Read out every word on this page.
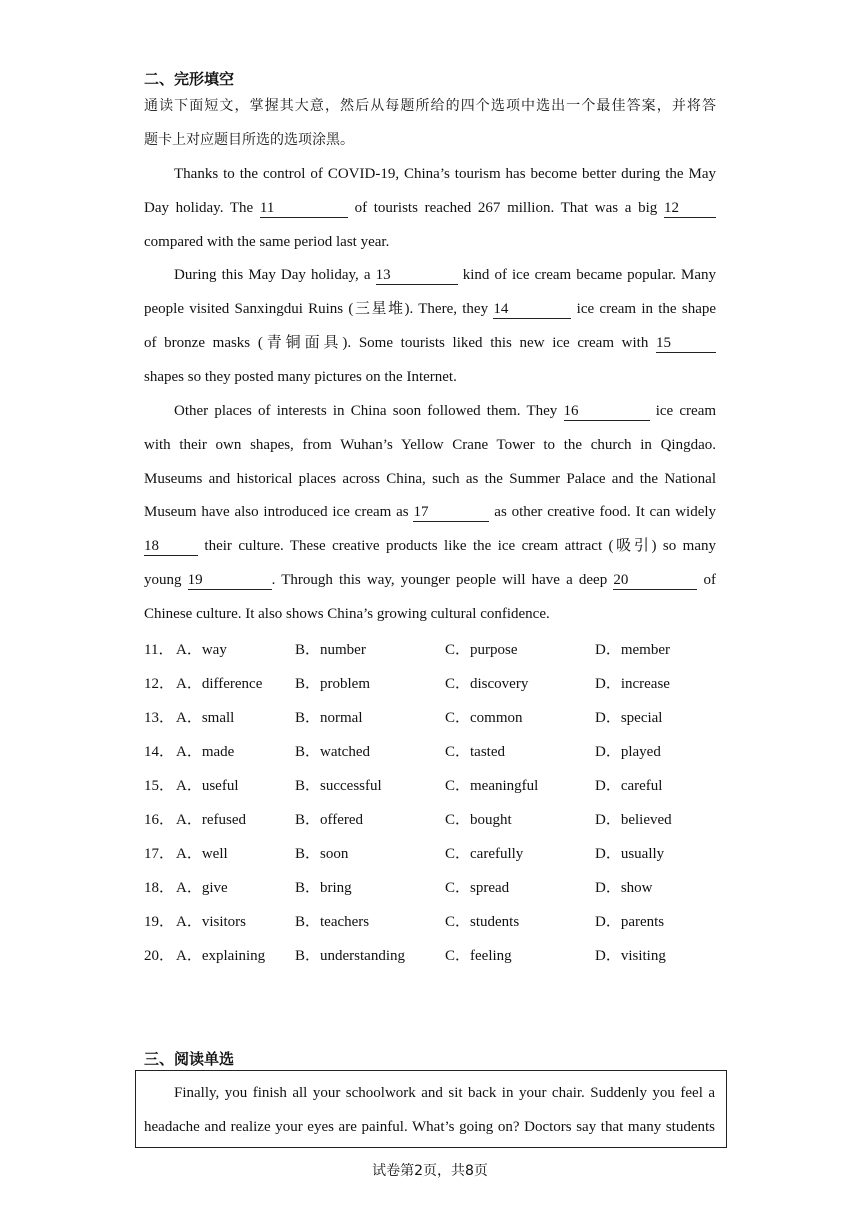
二、完形填空
通读下面短文，掌握其大意，然后从每题所给的四个选项中选出一个最佳答案，并将答
题卡上对应题目所选的选项涂黑。
Thanks to the control of COVID-19, China’s tourism has become better during the May
Day holiday. The 11	of tourists reached 267 million. That was a big 12
compared with the same period last year.
During this May Day holiday, a 13	kind of ice cream became popular. Many
people visited Sanxingdui Ruins (三星堆). There, they 14	ice cream in the shape
of bronze masks (青铜面具). Some tourists liked this new ice cream with 15
shapes so they posted many pictures on the Internet.
Other places of interests in China soon followed them. They 16	ice cream
with their own shapes, from Wuhan’s Yellow Crane Tower to the church in Qingdao.
Museums and historical places across China, such as the Summer Palace and the National
Museum have also introduced ice cream as 17	as other creative food. It can widely
18	their culture. These creative products like the ice cream attract (吸引) so many
young 19	. Through this way, younger people will have a deep 20	of
Chinese culture. It also shows China’s growing cultural confidence.
11． A．way	B．number	C．purpose	D．member
12． A．difference B．problem	C．discovery	D．increase
13． A．small	B．normal	C．common	D．special
14． A．made	B．watched	C．tasted	D．played
15． A．useful	B．successful	C．meaningful	D．careful
16． A．refused	B．offered	C．bought	D．believed
17． A．well	B．soon	C．carefully	D．usually
18． A．give	B．bring	C．spread	D．show
19． A．visitors	B．teachers	C．students	D．parents
20． A．explaining B．understanding	C．feeling	D．visiting
三、阅读单选
Finally, you finish all your schoolwork and sit back in your chair. Suddenly you feel a
headache and realize your eyes are painful. What’s going on? Doctors say that many students
试卷第2页，共8页
